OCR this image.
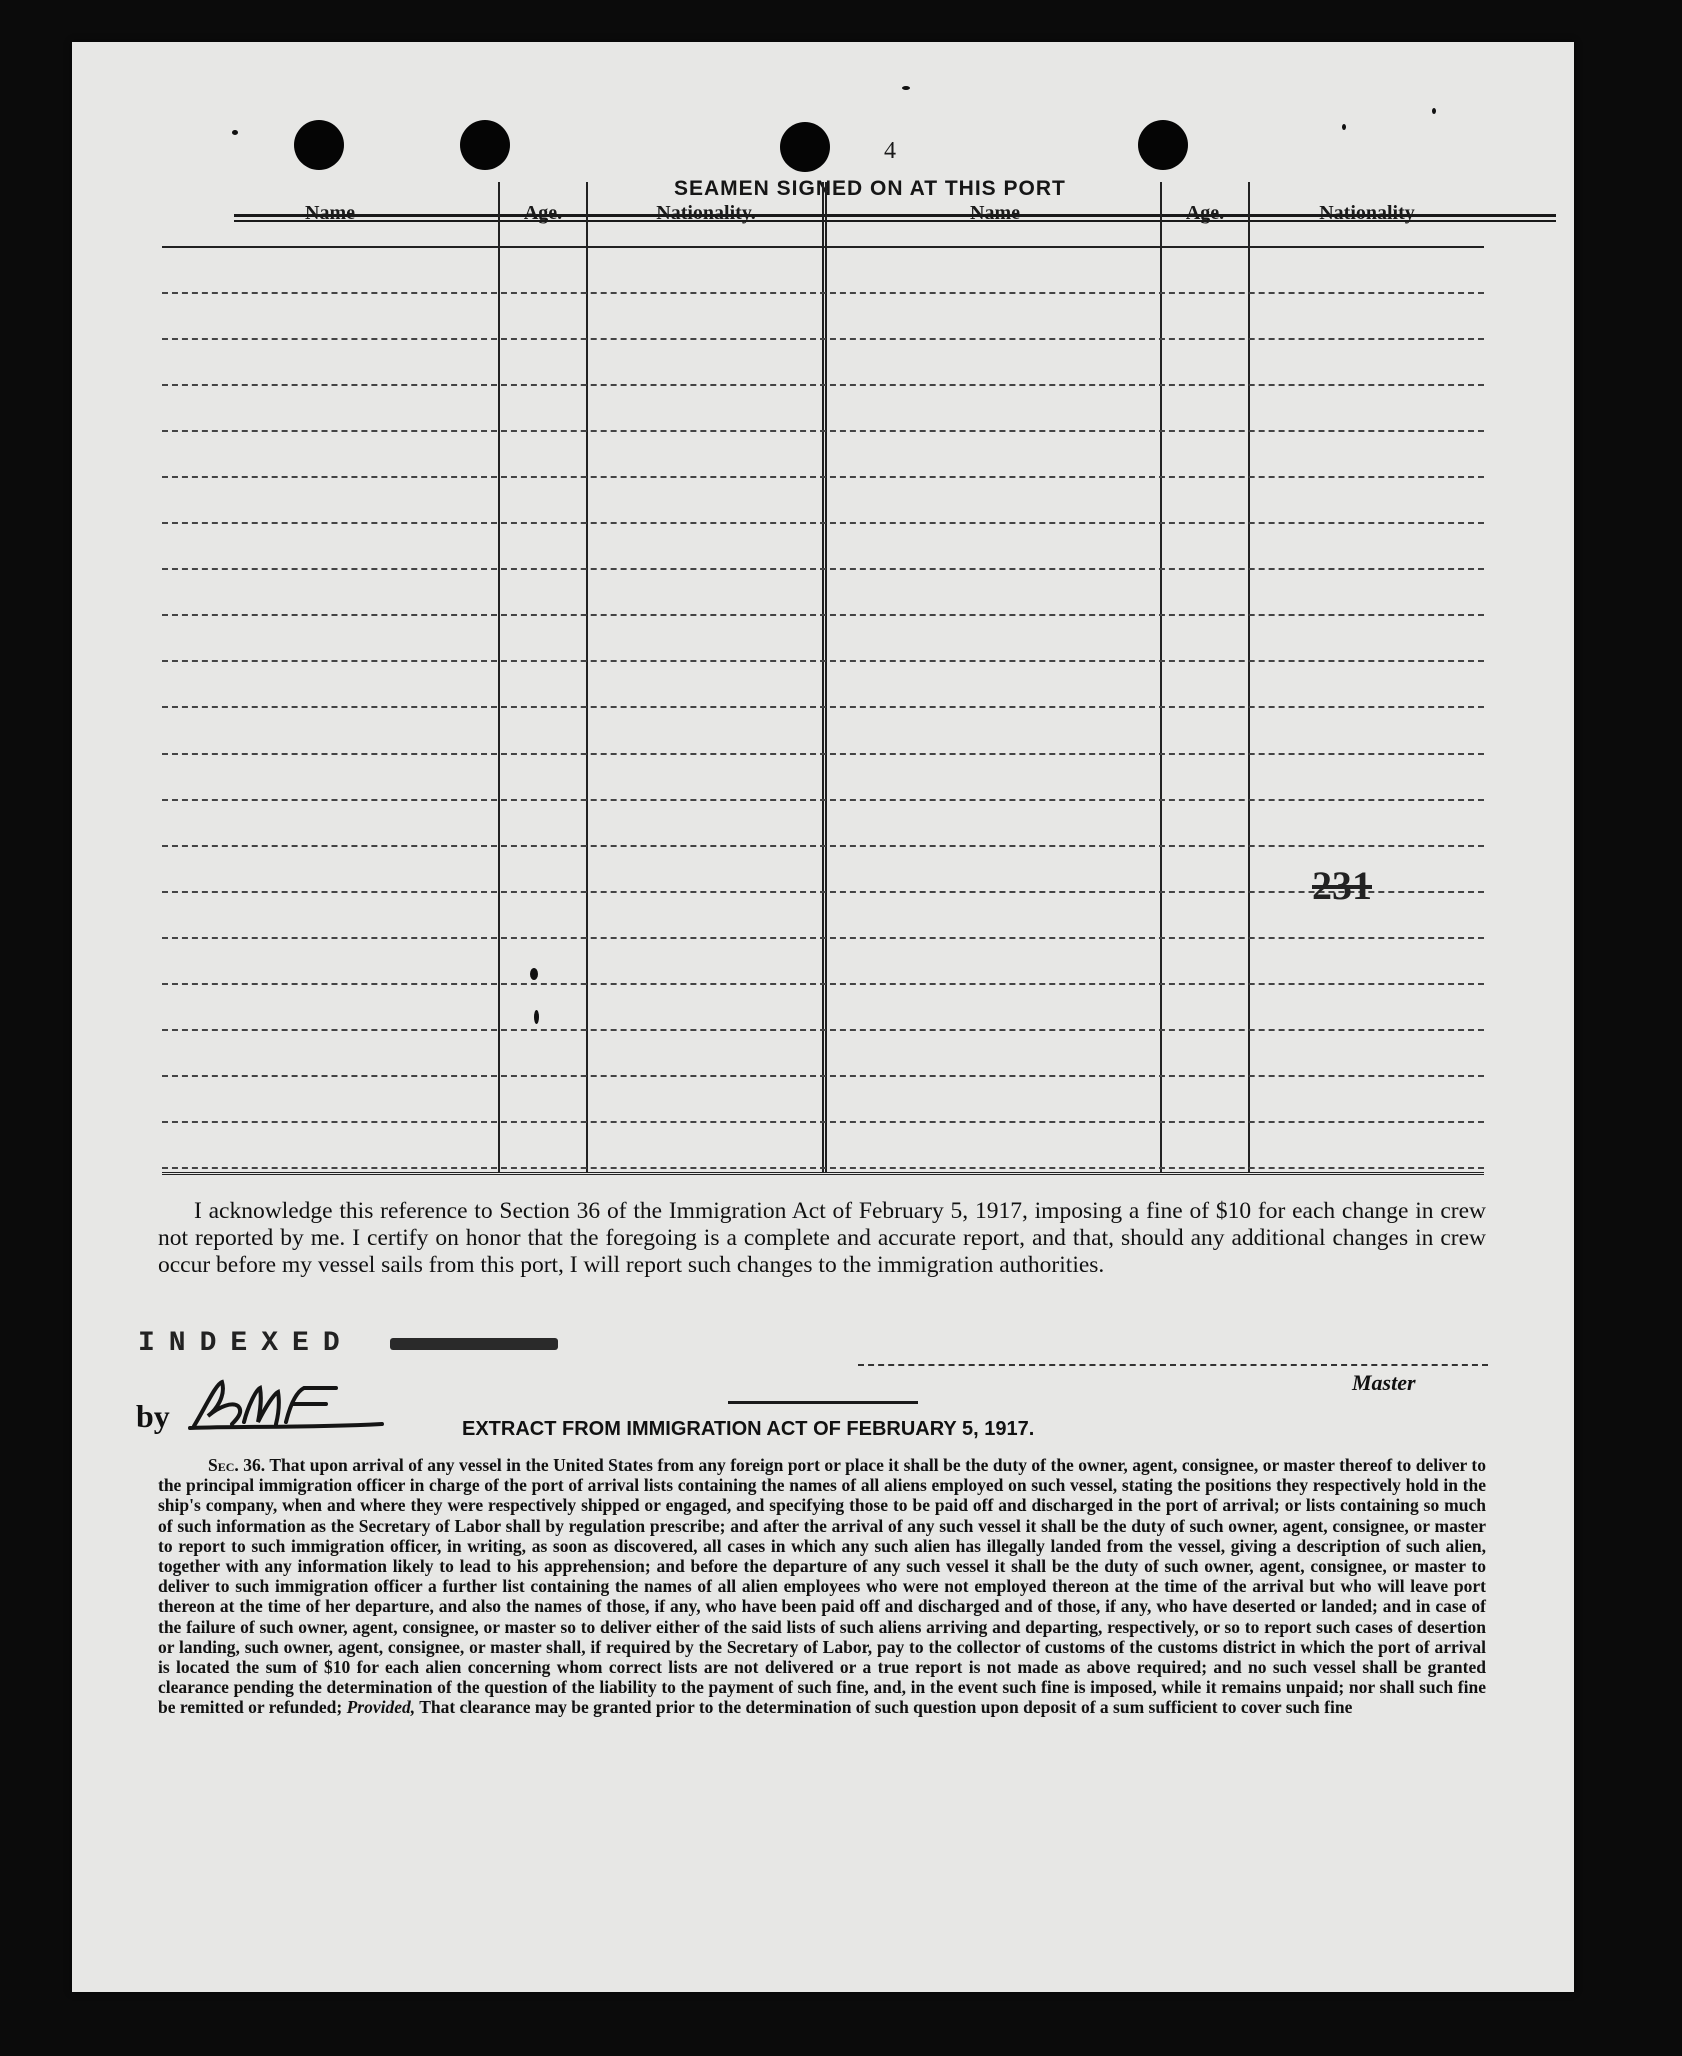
4
SEAMEN SIGNED ON AT THIS PORT
Name	Age.	Nationality.	Name	Age.	Nationality
231
I acknowledge this reference to Section 36 of the Immigration Act of February 5, 1917, imposing a fine of $10 for each change in crew not reported by me. I certify on honor that the foregoing is a complete and accurate report, and that, should any additional changes in crew occur before my vessel sails from this port, I will report such changes to the immigration authorities.
INDEXED
by
Master
EXTRACT FROM IMMIGRATION ACT OF FEBRUARY 5, 1917.
Sec. 36. That upon arrival of any vessel in the United States from any foreign port or place it shall be the duty of the owner, agent, consignee, or master thereof to deliver to the principal immigration officer in charge of the port of arrival lists containing the names of all aliens employed on such vessel, stating the positions they respectively hold in the ship's company, when and where they were respectively shipped or engaged, and specifying those to be paid off and discharged in the port of arrival; or lists containing so much of such information as the Secretary of Labor shall by regulation prescribe; and after the arrival of any such vessel it shall be the duty of such owner, agent, consignee, or master to report to such immigration officer, in writing, as soon as discovered, all cases in which any such alien has illegally landed from the vessel, giving a description of such alien, together with any information likely to lead to his apprehension; and before the departure of any such vessel it shall be the duty of such owner, agent, consignee, or master to deliver to such immigration officer a further list containing the names of all alien employees who were not employed thereon at the time of the arrival but who will leave port thereon at the time of her departure, and also the names of those, if any, who have been paid off and discharged and of those, if any, who have deserted or landed; and in case of the failure of such owner, agent, consignee, or master so to deliver either of the said lists of such aliens arriving and departing, respectively, or so to report such cases of desertion or landing, such owner, agent, consignee, or master shall, if required by the Secretary of Labor, pay to the collector of customs of the customs district in which the port of arrival is located the sum of $10 for each alien concerning whom correct lists are not delivered or a true report is not made as above required; and no such vessel shall be granted clearance pending the determination of the question of the liability to the payment of such fine, and, in the event such fine is imposed, while it remains unpaid; nor shall such fine be remitted or refunded; Provided, That clearance may be granted prior to the determination of such question upon deposit of a sum sufficient to cover such fine
